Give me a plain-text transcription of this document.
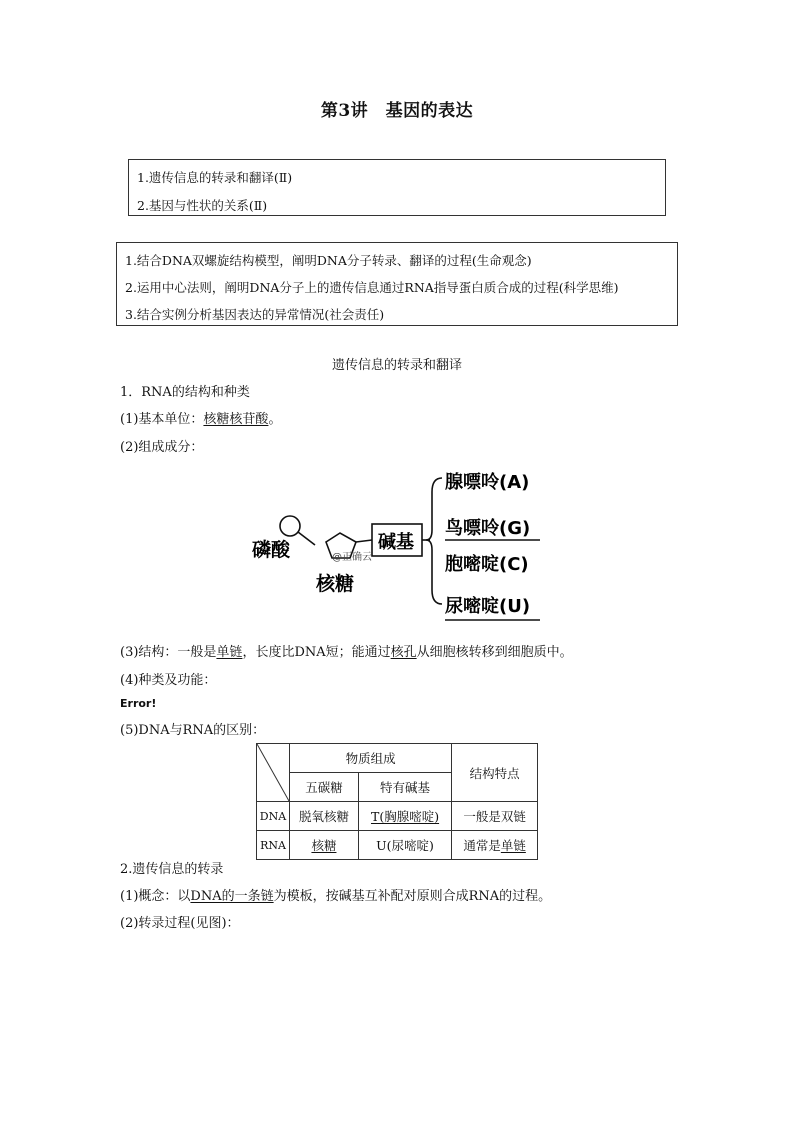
第3讲　基因的表达
1.遗传信息的转录和翻译(Ⅱ)
2.基因与性状的关系(Ⅱ)
1.结合DNA双螺旋结构模型，阐明DNA分子转录、翻译的过程(生命观念)
2.运用中心法则，阐明DNA分子上的遗传信息通过RNA指导蛋白质合成的过程(科学思维)
3.结合实例分析基因表达的异常情况(社会责任)
遗传信息的转录和翻译
1．RNA的结构和种类
(1)基本单位：核糖核苷酸。
(2)组成成分：
磷酸
核糖
碱基
@正确云
腺嘌呤(A)
鸟嘌呤(G)
胞嘧啶(C)
尿嘧啶(U)
(3)结构：一般是单链，长度比DNA短；能通过核孔从细胞核转移到细胞质中。
(4)种类及功能：
Error!
(5)DNA与RNA的区别：
	物质组成		结构特点
	五碳糖	特有碱基	
DNA	脱氧核糖	T(胸腺嘧啶)	一般是双链
RNA	核糖	U(尿嘧啶)	通常是单链
2.遗传信息的转录
(1)概念：以DNA的一条链为模板，按碱基互补配对原则合成RNA的过程。
(2)转录过程(见图)：
